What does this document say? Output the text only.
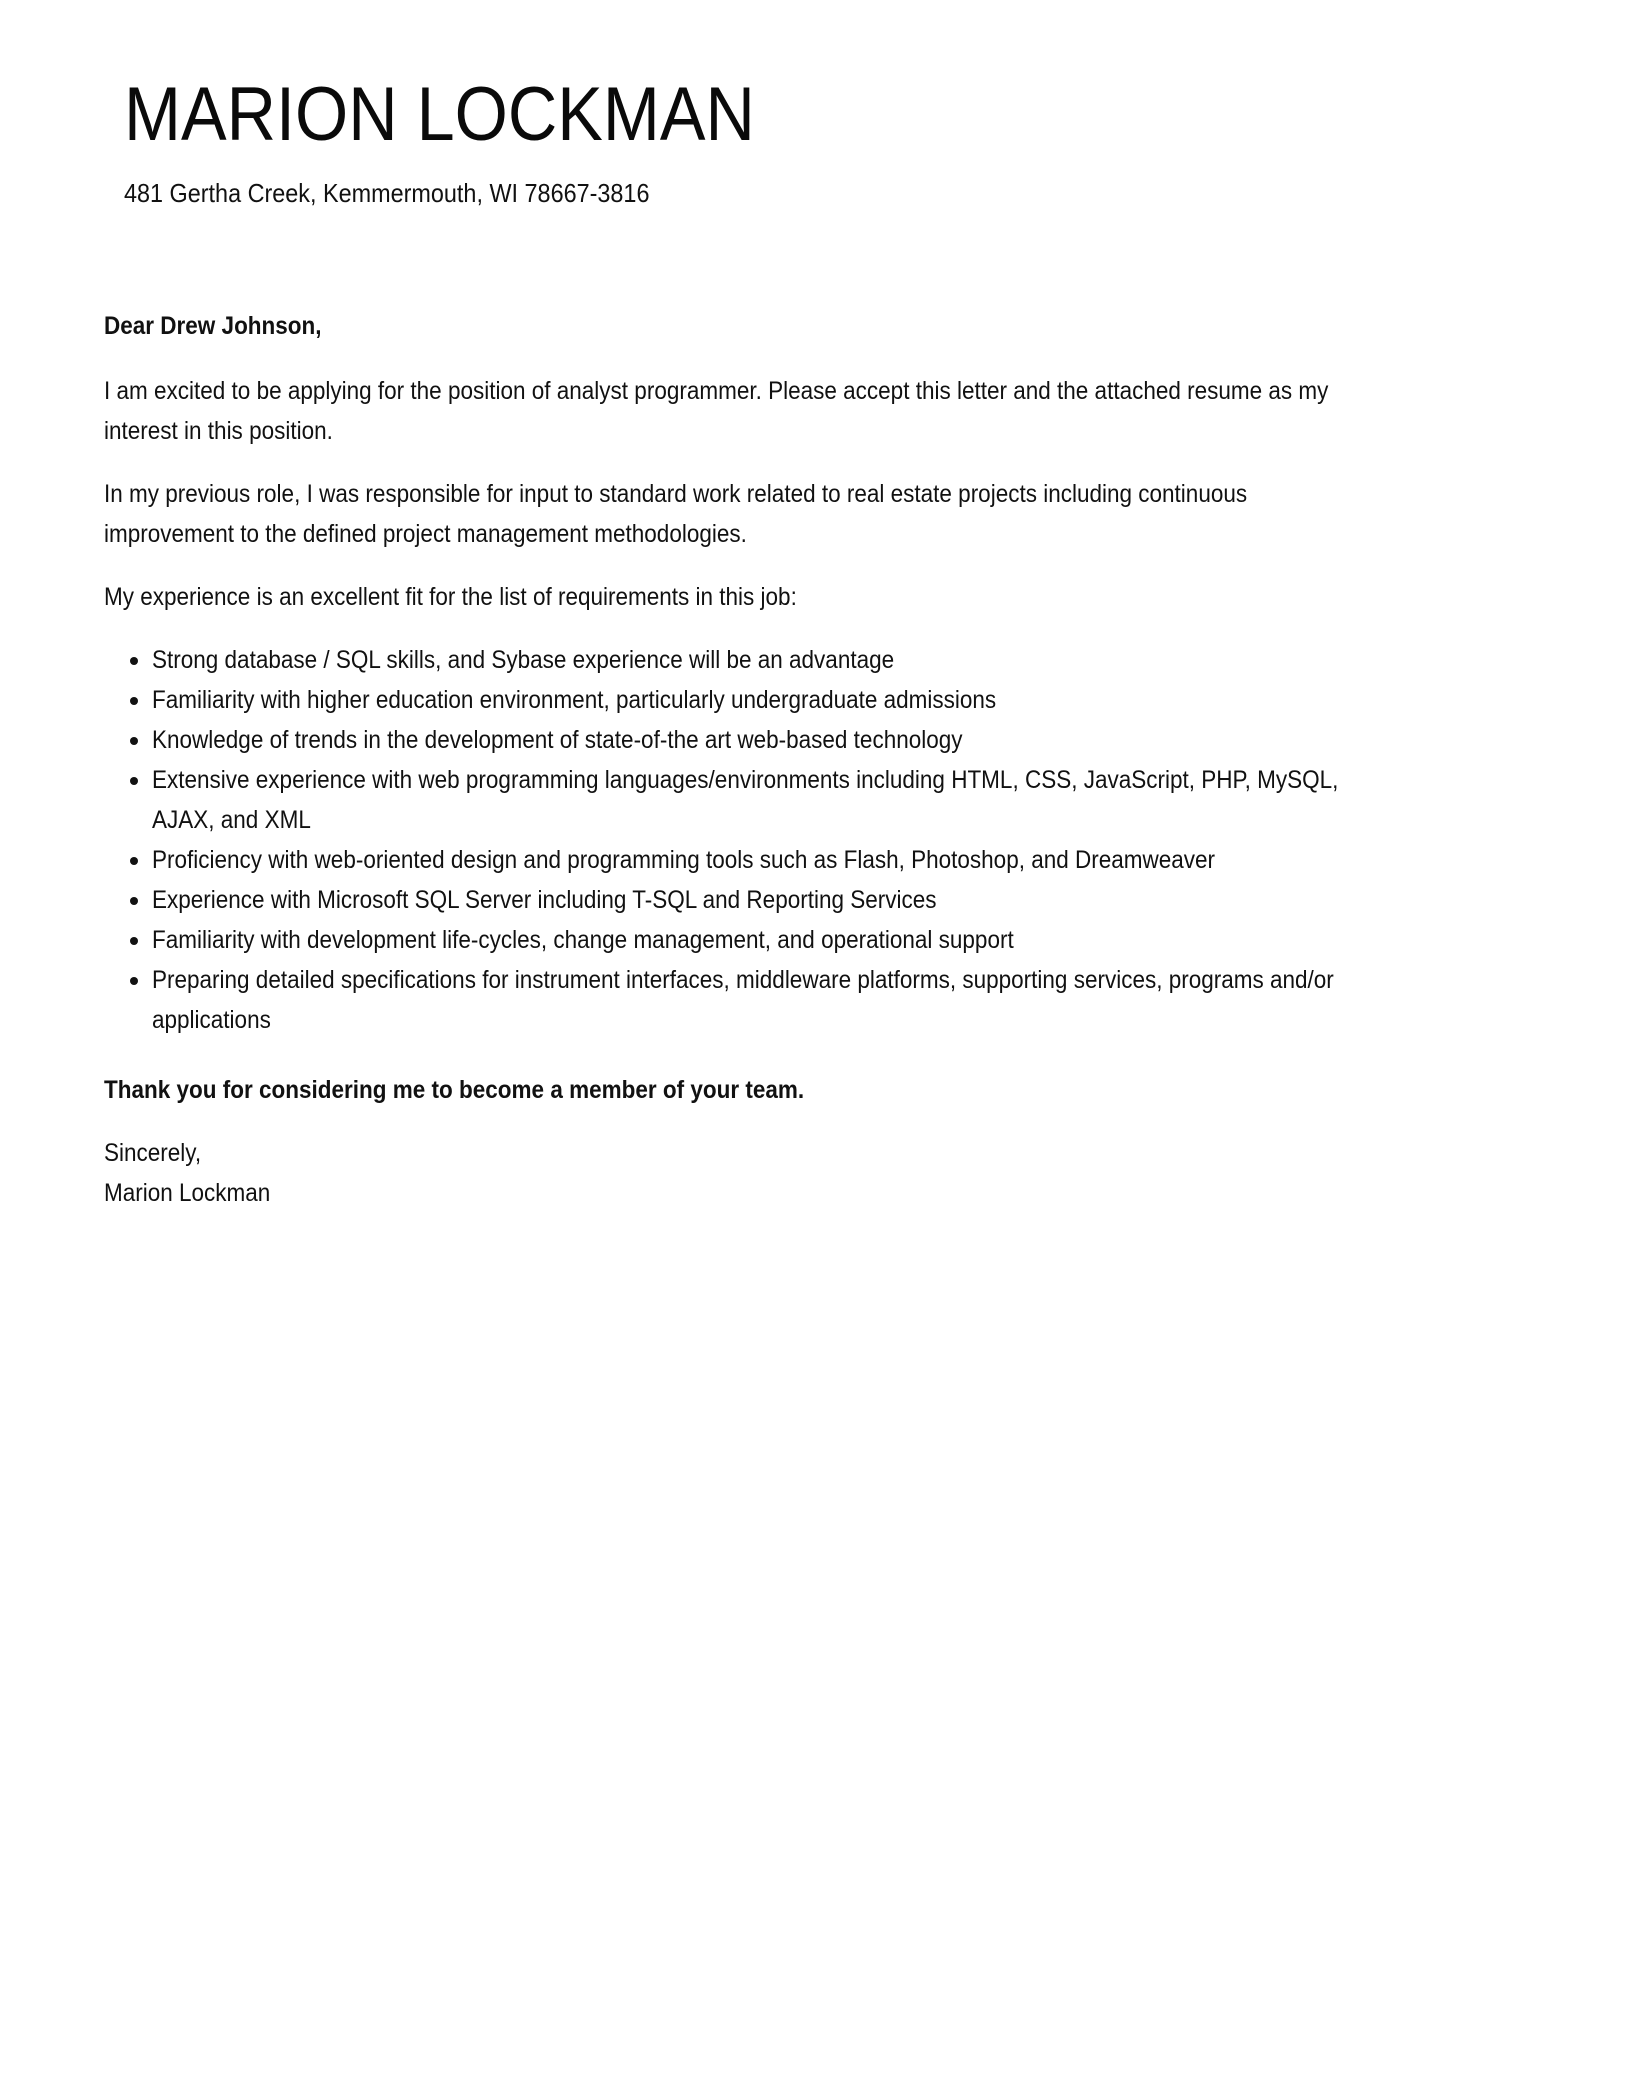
MARION LOCKMAN
481 Gertha Creek, Kemmermouth, WI 78667-3816

Dear Drew Johnson,

I am excited to be applying for the position of analyst programmer. Please accept this letter and the attached resume as my
interest in this position.

In my previous role, I was responsible for input to standard work related to real estate projects including continuous
improvement to the defined project management methodologies.

My experience is an excellent fit for the list of requirements in this job:

Strong database / SQL skills, and Sybase experience will be an advantage
Familiarity with higher education environment, particularly undergraduate admissions
Knowledge of trends in the development of state-of-the art web-based technology
Extensive experience with web programming languages/environments including HTML, CSS, JavaScript, PHP, MySQL,
AJAX, and XML
Proficiency with web-oriented design and programming tools such as Flash, Photoshop, and Dreamweaver
Experience with Microsoft SQL Server including T-SQL and Reporting Services
Familiarity with development life-cycles, change management, and operational support
Preparing detailed specifications for instrument interfaces, middleware platforms, supporting services, programs and/or
applications

Thank you for considering me to become a member of your team.

Sincerely,
Marion Lockman
